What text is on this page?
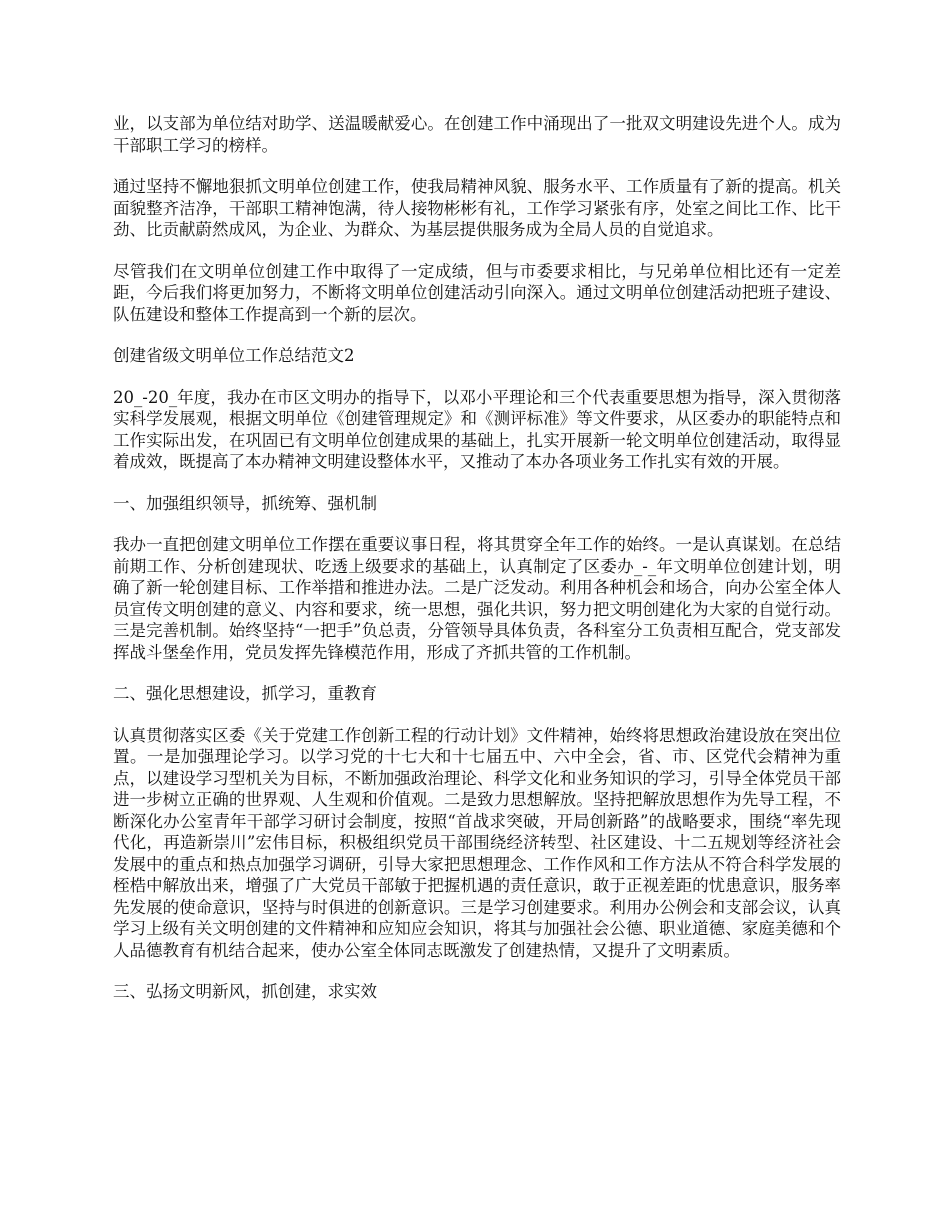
业，以支部为单位结对助学、送温暖献爱心。在创建工作中涌现出了一批双文明建设先进个人。成为干部职工学习的榜样。

通过坚持不懈地狠抓文明单位创建工作，使我局精神风貌、服务水平、工作质量有了新的提高。机关面貌整齐洁净，干部职工精神饱满，待人接物彬彬有礼，工作学习紧张有序，处室之间比工作、比干劲、比贡献蔚然成风，为企业、为群众、为基层提供服务成为全局人员的自觉追求。

尽管我们在文明单位创建工作中取得了一定成绩，但与市委要求相比，与兄弟单位相比还有一定差距，今后我们将更加努力，不断将文明单位创建活动引向深入。通过文明单位创建活动把班子建设、队伍建设和整体工作提高到一个新的层次。

创建省级文明单位工作总结范文2

20_-20_年度，我办在市区文明办的指导下，以邓小平理论和三个代表重要思想为指导，深入贯彻落实科学发展观，根据文明单位《创建管理规定》和《测评标准》等文件要求，从区委办的职能特点和工作实际出发，在巩固已有文明单位创建成果的基础上，扎实开展新一轮文明单位创建活动，取得显着成效，既提高了本办精神文明建设整体水平，又推动了本办各项业务工作扎实有效的开展。

一、加强组织领导，抓统筹、强机制

我办一直把创建文明单位工作摆在重要议事日程，将其贯穿全年工作的始终。一是认真谋划。在总结前期工作、分析创建现状、吃透上级要求的基础上，认真制定了区委办_-_年文明单位创建计划，明确了新一轮创建目标、工作举措和推进办法。二是广泛发动。利用各种机会和场合，向办公室全体人员宣传文明创建的意义、内容和要求，统一思想，强化共识，努力把文明创建化为大家的自觉行动。三是完善机制。始终坚持“一把手”负总责，分管领导具体负责，各科室分工负责相互配合，党支部发挥战斗堡垒作用，党员发挥先锋模范作用，形成了齐抓共管的工作机制。

二、强化思想建设，抓学习，重教育

认真贯彻落实区委《关于党建工作创新工程的行动计划》文件精神，始终将思想政治建设放在突出位置。一是加强理论学习。以学习党的十七大和十七届五中、六中全会，省、市、区党代会精神为重点，以建设学习型机关为目标，不断加强政治理论、科学文化和业务知识的学习，引导全体党员干部进一步树立正确的世界观、人生观和价值观。二是致力思想解放。坚持把解放思想作为先导工程，不断深化办公室青年干部学习研讨会制度，按照“首战求突破，开局创新路”的战略要求，围绕“率先现代化，再造新崇川”宏伟目标，积极组织党员干部围绕经济转型、社区建设、十二五规划等经济社会发展中的重点和热点加强学习调研，引导大家把思想理念、工作作风和工作方法从不符合科学发展的桎梏中解放出来，增强了广大党员干部敏于把握机遇的责任意识，敢于正视差距的忧患意识，服务率先发展的使命意识，坚持与时俱进的创新意识。三是学习创建要求。利用办公例会和支部会议，认真学习上级有关文明创建的文件精神和应知应会知识，将其与加强社会公德、职业道德、家庭美德和个人品德教育有机结合起来，使办公室全体同志既激发了创建热情，又提升了文明素质。

三、弘扬文明新风，抓创建，求实效
